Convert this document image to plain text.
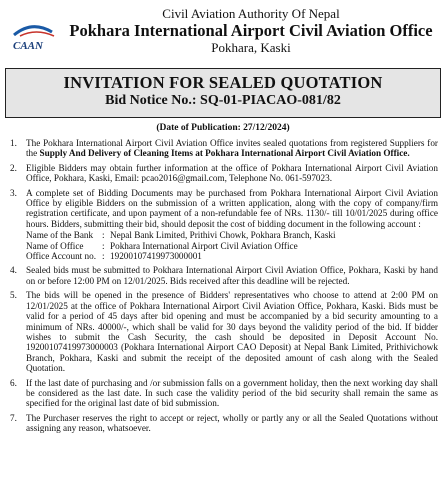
CAAN
Civil Aviation Authority Of Nepal
Pokhara International Airport Civil Aviation Office
Pokhara, Kaski
INVITATION FOR SEALED QUOTATION
Bid Notice No.: SQ-01-PIACAO-081/82
(Date of Publication: 27/12/2024)
1. The Pokhara International Airport Civil Aviation Office invites sealed quotations from registered Suppliers for the Supply And Delivery of Cleaning Items at Pokhara International Airport Civil Aviation Office.
2. Eligible Bidders may obtain further information at the office of Pokhara International Airport Civil Aviation Office, Pokhara, Kaski, Email: pcao2016@gmail.com, Telephone No. 061-597023.
3. A complete set of Bidding Documents may be purchased from Pokhara International Airport Civil Aviation Office by eligible Bidders on the submission of a written application, along with the copy of company/firm registration certificate, and upon payment of a non-refundable fee of NRs. 1130/- till 10/01/2025 during office hours. Bidders, submitting their bid, should deposit the cost of bidding document in the following account :
Name of the Bank	:	Nepal Bank Limited, Prithivi Chowk, Pokhara Branch, Kaski
Name of Office	:	Pokhara International Airport Civil Aviation Office
Office Account no.	:	19200107419973000001
4. Sealed bids must be submitted to Pokhara International Airport Civil Aviation Office, Pokhara, Kaski by hand on or before 12:00 PM on 12/01/2025. Bids received after this deadline will be rejected.
5. The bids will be opened in the presence of Bidders' representatives who choose to attend at 2:00 PM on 12/01/2025 at the office of Pokhara International Airport Civil Aviation Office, Pokhara, Kaski. Bids must be valid for a period of 45 days after bid opening and must be accompanied by a bid security amounting to a minimum of NRs. 40000/-, which shall be valid for 30 days beyond the validity period of the bid. If bidder wishes to submit the Cash Security, the cash should be deposited in Deposit Account No. 19200107419973000003 (Pokhara International Airport CAO Deposit) at Nepal Bank Limited, Prithivichowk Branch, Pokhara, Kaski and submit the receipt of the deposited amount of cash along with the Sealed Quotation.
6. If the last date of purchasing and /or submission falls on a government holiday, then the next working day shall be considered as the last date. In such case the validity period of the bid security shall remain the same as specified for the original last date of bid submission.
7. The Purchaser reserves the right to accept or reject, wholly or partly any or all the Sealed Quotations without assigning any reason, whatsoever.
